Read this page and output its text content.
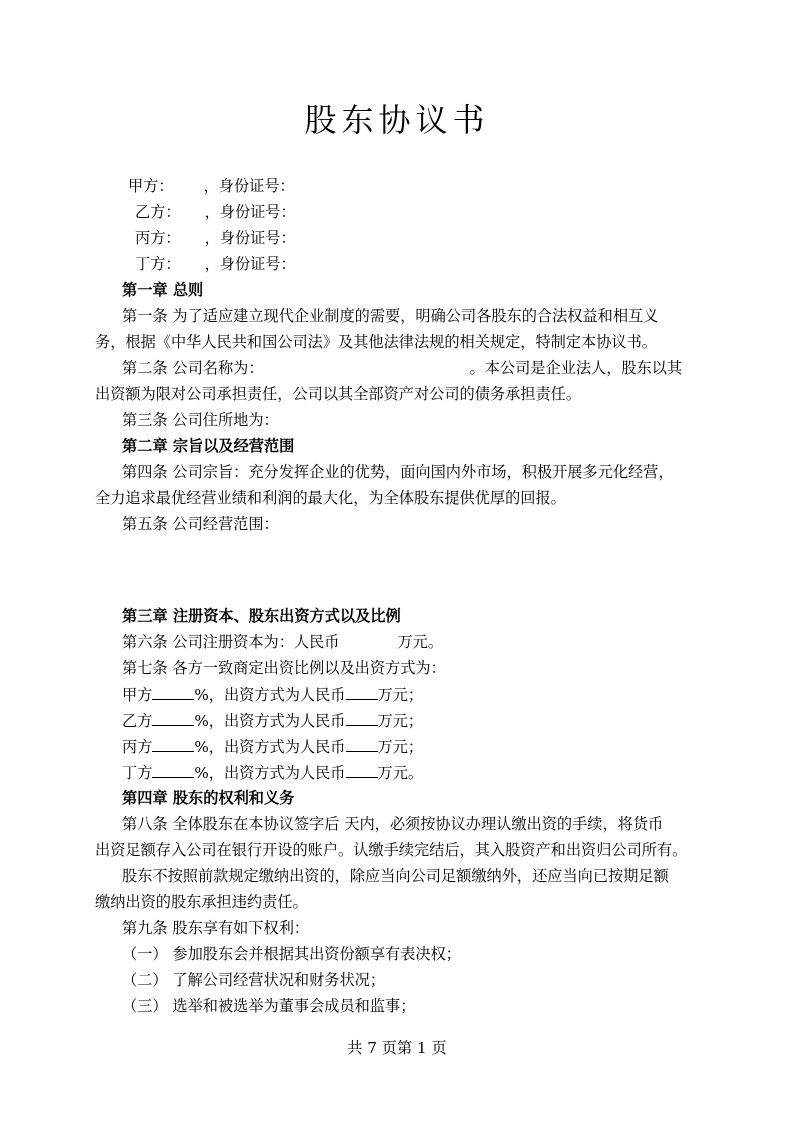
股东协议书
甲方： ，身份证号：
乙方： ，身份证号：
丙方： ，身份证号：
丁方： ，身份证号：
第一章 总则
第一条 为了适应建立现代企业制度的需要，明确公司各股东的合法权益和相互义
务，根据《中华人民共和国公司法》及其他法律法规的相关规定，特制定本协议书。
第二条 公司名称为：	。本公司是企业法人，股东以其
出资额为限对公司承担责任，公司以其全部资产对公司的债务承担责任。
第三条 公司住所地为：
第二章 宗旨以及经营范围
第四条 公司宗旨：充分发挥企业的优势，面向国内外市场，积极开展多元化经营，
全力追求最优经营业绩和利润的最大化，为全体股东提供优厚的回报。
第五条 公司经营范围：
第三章 注册资本、股东出资方式以及比例
第六条 公司注册资本为：人民币	万元。
第七条 各方一致商定出资比例以及出资方式为：
甲方	%，出资方式为人民币 万元；
乙方	%，出资方式为人民币 万元；
丙方	%，出资方式为人民币 万元；
丁方	%，出资方式为人民币 万元。
第四章 股东的权利和义务
第八条 全体股东在本协议签字后 天内，必须按协议办理认缴出资的手续，将货币
出资足额存入公司在银行开设的账户。认缴手续完结后，其入股资产和出资归公司所有。
股东不按照前款规定缴纳出资的，除应当向公司足额缴纳外，还应当向已按期足额
缴纳出资的股东承担违约责任。
第九条 股东享有如下权利：
（一） 参加股东会并根据其出资份额享有表决权；
（二） 了解公司经营状况和财务状况；
（三） 选举和被选举为董事会成员和监事；
共 7 页第 1 页
